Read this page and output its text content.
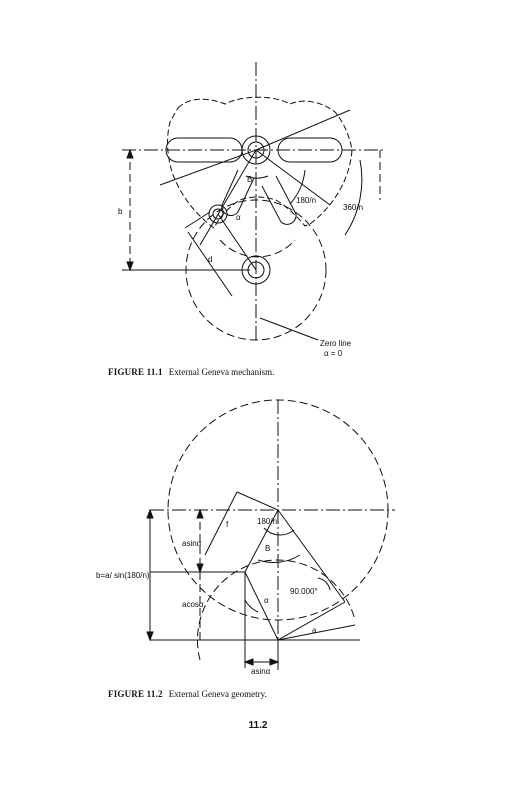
b
d
B
α
180/n
360/n
Zero line
α = 0
FIGURE 11.1 External Geneva mechanism.
f	180/n
asinα
B
b=a/ sin(180/n)
90.000°
α
acosα
a
asinα
FIGURE 11.2 External Geneva geometry.
11.2
